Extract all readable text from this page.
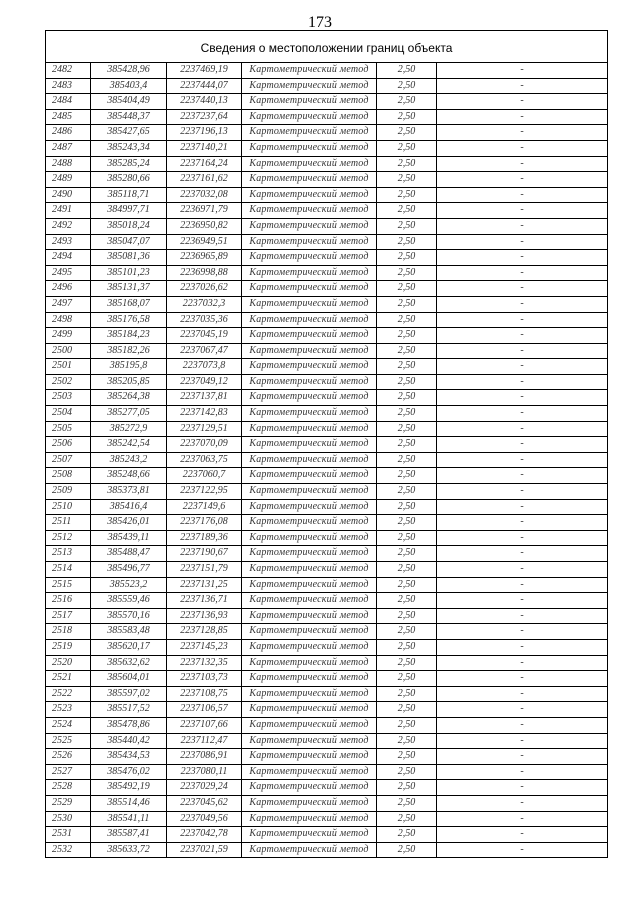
173
Сведения о местоположении границ объекта					
2482	385428,96	2237469,19	Картометрический метод	2,50	-
2483	385403,4	2237444,07	Картометрический метод	2,50	-
2484	385404,49	2237440,13	Картометрический метод	2,50	-
2485	385448,37	2237237,64	Картометрический метод	2,50	-
2486	385427,65	2237196,13	Картометрический метод	2,50	-
2487	385243,34	2237140,21	Картометрический метод	2,50	-
2488	385285,24	2237164,24	Картометрический метод	2,50	-
2489	385280,66	2237161,62	Картометрический метод	2,50	-
2490	385118,71	2237032,08	Картометрический метод	2,50	-
2491	384997,71	2236971,79	Картометрический метод	2,50	-
2492	385018,24	2236950,82	Картометрический метод	2,50	-
2493	385047,07	2236949,51	Картометрический метод	2,50	-
2494	385081,36	2236965,89	Картометрический метод	2,50	-
2495	385101,23	2236998,88	Картометрический метод	2,50	-
2496	385131,37	2237026,62	Картометрический метод	2,50	-
2497	385168,07	2237032,3	Картометрический метод	2,50	-
2498	385176,58	2237035,36	Картометрический метод	2,50	-
2499	385184,23	2237045,19	Картометрический метод	2,50	-
2500	385182,26	2237067,47	Картометрический метод	2,50	-
2501	385195,8	2237073,8	Картометрический метод	2,50	-
2502	385205,85	2237049,12	Картометрический метод	2,50	-
2503	385264,38	2237137,81	Картометрический метод	2,50	-
2504	385277,05	2237142,83	Картометрический метод	2,50	-
2505	385272,9	2237129,51	Картометрический метод	2,50	-
2506	385242,54	2237070,09	Картометрический метод	2,50	-
2507	385243,2	2237063,75	Картометрический метод	2,50	-
2508	385248,66	2237060,7	Картометрический метод	2,50	-
2509	385373,81	2237122,95	Картометрический метод	2,50	-
2510	385416,4	2237149,6	Картометрический метод	2,50	-
2511	385426,01	2237176,08	Картометрический метод	2,50	-
2512	385439,11	2237189,36	Картометрический метод	2,50	-
2513	385488,47	2237190,67	Картометрический метод	2,50	-
2514	385496,77	2237151,79	Картометрический метод	2,50	-
2515	385523,2	2237131,25	Картометрический метод	2,50	-
2516	385559,46	2237136,71	Картометрический метод	2,50	-
2517	385570,16	2237136,93	Картометрический метод	2,50	-
2518	385583,48	2237128,85	Картометрический метод	2,50	-
2519	385620,17	2237145,23	Картометрический метод	2,50	-
2520	385632,62	2237132,35	Картометрический метод	2,50	-
2521	385604,01	2237103,73	Картометрический метод	2,50	-
2522	385597,02	2237108,75	Картометрический метод	2,50	-
2523	385517,52	2237106,57	Картометрический метод	2,50	-
2524	385478,86	2237107,66	Картометрический метод	2,50	-
2525	385440,42	2237112,47	Картометрический метод	2,50	-
2526	385434,53	2237086,91	Картометрический метод	2,50	-
2527	385476,02	2237080,11	Картометрический метод	2,50	-
2528	385492,19	2237029,24	Картометрический метод	2,50	-
2529	385514,46	2237045,62	Картометрический метод	2,50	-
2530	385541,11	2237049,56	Картометрический метод	2,50	-
2531	385587,41	2237042,78	Картометрический метод	2,50	-
2532	385633,72	2237021,59	Картометрический метод	2,50	-
